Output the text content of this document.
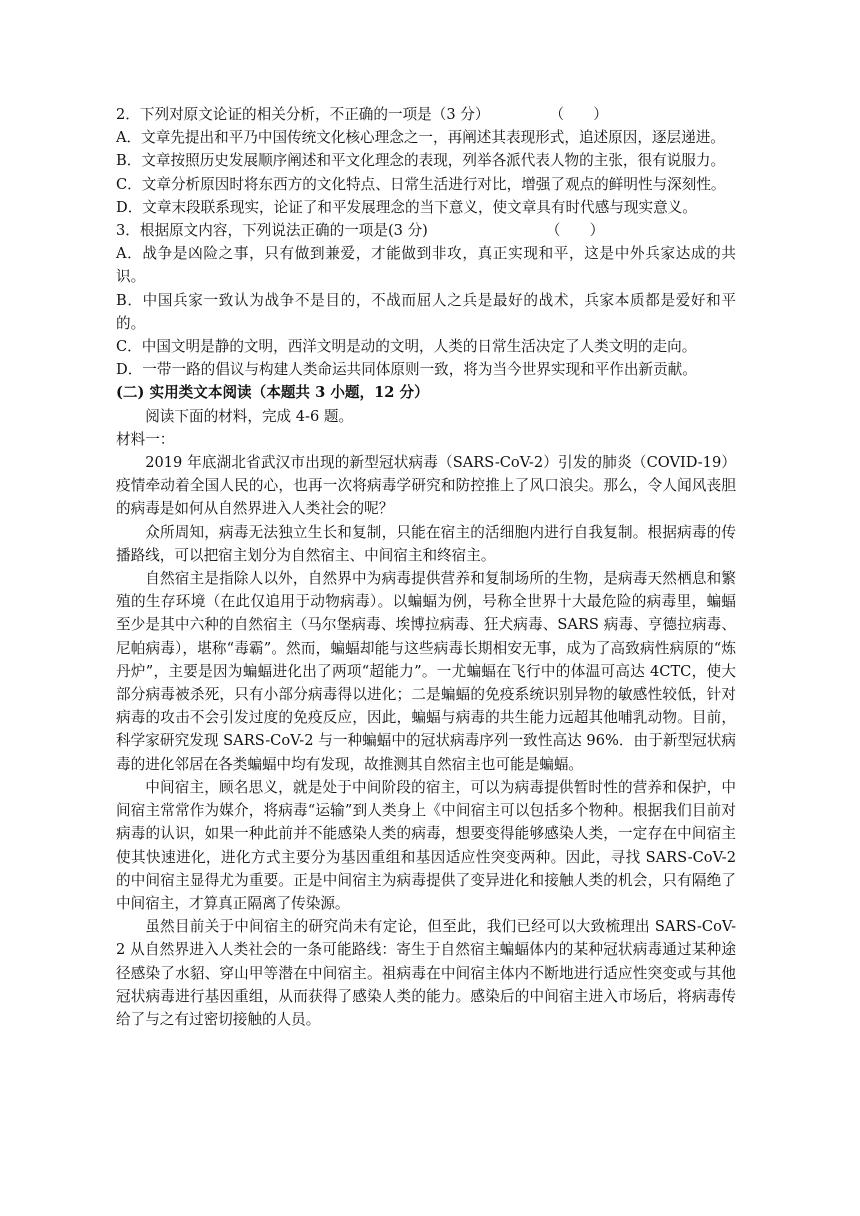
2．下列对原文论证的相关分析，不正确的一项是（3 分）	（　　）

A．文章先提出和平乃中国传统文化核心理念之一，再阐述其表现形式，追述原因，逐层递进。

B．文章按照历史发展顺序阐述和平文化理念的表现，列举各派代表人物的主张，很有说服力。

C．文章分析原因时将东西方的文化特点、日常生活进行对比，增强了观点的鲜明性与深刻性。

D．文章末段联系现实，论证了和平发展理念的当下意义，使文章具有时代感与现实意义。

3．根据原文内容，下列说法正确的一项是(3 分)	（　　）

A．战争是凶险之事，只有做到兼爱，才能做到非攻，真正实现和平，这是中外兵家达成的共识。

B．中国兵家一致认为战争不是目的，不战而屈人之兵是最好的战术，兵家本质都是爱好和平的。

C．中国文明是静的文明，西洋文明是动的文明，人类的日常生活决定了人类文明的走向。

D．一带一路的倡议与构建人类命运共同体原则一致，将为当今世界实现和平作出新贡献。

(二) 实用类文本阅读（本题共 3 小题，12 分）

阅读下面的材料，完成 4-6 题。

材料一：

2019 年底湖北省武汉市出现的新型冠状病毒（SARS-CoV-2）引发的肺炎（COVID-19）疫情牵动着全国人民的心，也再一次将病毒学研究和防控推上了风口浪尖。那么，令人闻风丧胆的病毒是如何从自然界进入人类社会的呢？

众所周知，病毒无法独立生长和复制，只能在宿主的活细胞内进行自我复制。根据病毒的传播路线，可以把宿主划分为自然宿主、中间宿主和终宿主。

自然宿主是指除人以外，自然界中为病毒提供营养和复制场所的生物，是病毒天然栖息和繁殖的生存环境（在此仅追用于动物病毒）。以蝙蝠为例，号称全世界十大最危险的病毒里，蝙蝠至少是其中六种的自然宿主（马尔堡病毒、埃博拉病毒、狂犬病毒、SARS 病毒、亨德拉病毒、尼帕病毒），堪称“毒霸”。然而，蝙蝠却能与这些病毒长期相安无事，成为了高致病性病原的“炼丹炉”，主要是因为蝙蝠进化出了两项“超能力”。一尤蝙蝠在飞行中的体温可高达 4CTC，使大部分病毒被杀死，只有小部分病毒得以进化；二是蝙蝠的免疫系统识别异物的敏感性较低，针对病毒的攻击不会引发过度的免疫反应，因此，蝙蝠与病毒的共生能力远超其他哺乳动物。目前，科学家研究发现 SARS-CoV-2 与一种蝙蝠中的冠状病毒序列一致性高达 96%．由于新型冠状病毒的进化邻居在各类蝙蝠中均有发现，故推测其自然宿主也可能是蝙蝠。

中间宿主，顾名思义，就是处于中间阶段的宿主，可以为病毒提供暂时性的营养和保护，中间宿主常常作为媒介，将病毒“运输”到人类身上《中间宿主可以包括多个物种。根据我们目前对病毒的认识，如果一种此前并不能感染人类的病毒，想要变得能够感染人类，一定存在中间宿主使其快速进化，进化方式主要分为基因重组和基因适应性突变两种。因此，寻找 SARS-CoV-2 的中间宿主显得尤为重要。正是中间宿主为病毒提供了变异进化和接触人类的机会，只有隔绝了中间宿主，才算真正隔离了传染源。

虽然目前关于中间宿主的研究尚未有定论，但至此，我们已经可以大致梳理出 SARS-CoV-2 从自然界进入人类社会的一条可能路线：寄生于自然宿主蝙蝠体内的某种冠状病毒通过某种途径感染了水貂、穿山甲等潜在中间宿主。祖病毒在中间宿主体内不断地进行适应性突变或与其他冠状病毒进行基因重组，从而获得了感染人类的能力。感染后的中间宿主进入市场后，将病毒传给了与之有过密切接触的人员。
